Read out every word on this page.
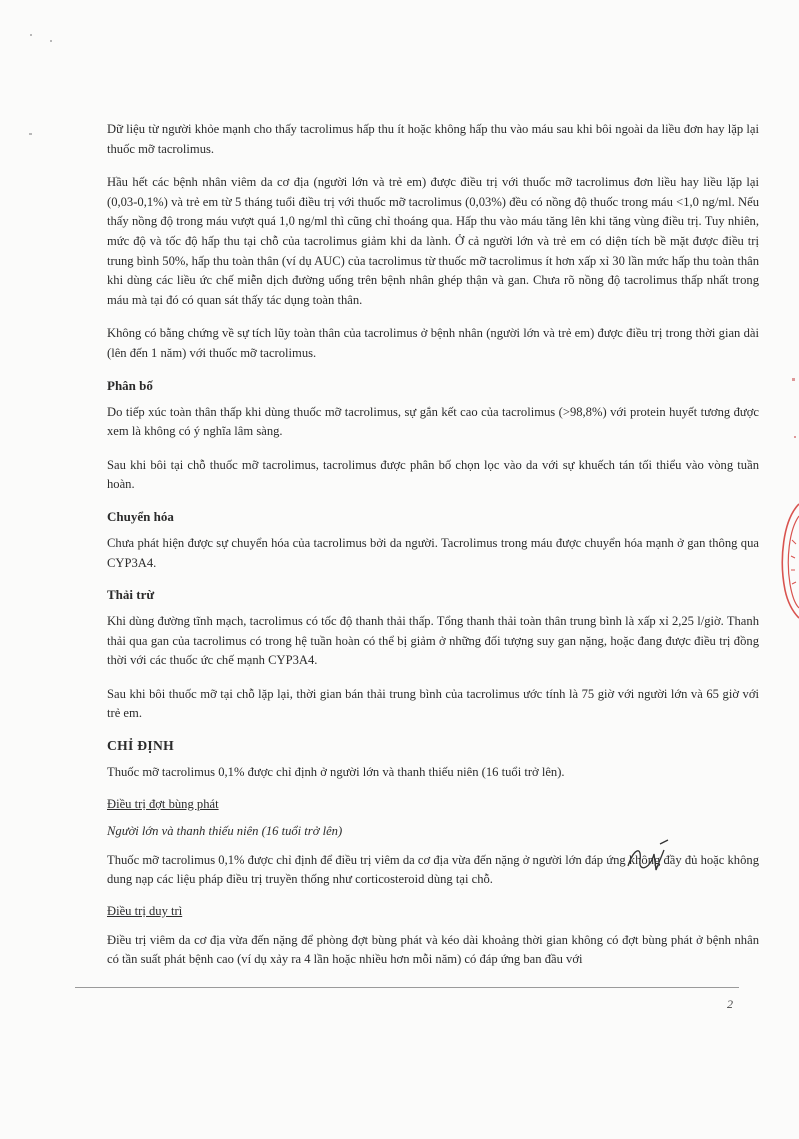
Dữ liệu từ người khỏe mạnh cho thấy tacrolimus hấp thu ít hoặc không hấp thu vào máu sau khi bôi ngoài da liều đơn hay lặp lại thuốc mỡ tacrolimus.

Hầu hết các bệnh nhân viêm da cơ địa (người lớn và trẻ em) được điều trị với thuốc mỡ tacrolimus đơn liều hay liều lặp lại (0,03-0,1%) và trẻ em từ 5 tháng tuổi điều trị với thuốc mỡ tacrolimus (0,03%) đều có nồng độ thuốc trong máu <1,0 ng/ml. Nếu thấy nồng độ trong máu vượt quá 1,0 ng/ml thì cũng chỉ thoáng qua. Hấp thu vào máu tăng lên khi tăng vùng điều trị. Tuy nhiên, mức độ và tốc độ hấp thu tại chỗ của tacrolimus giảm khi da lành. Ở cả người lớn và trẻ em có diện tích bề mặt được điều trị trung bình 50%, hấp thu toàn thân (ví dụ AUC) của tacrolimus từ thuốc mỡ tacrolimus ít hơn xấp xỉ 30 lần mức hấp thu toàn thân khi dùng các liều ức chế miễn dịch đường uống trên bệnh nhân ghép thận và gan. Chưa rõ nồng độ tacrolimus thấp nhất trong máu mà tại đó có quan sát thấy tác dụng toàn thân.

Không có bằng chứng về sự tích lũy toàn thân của tacrolimus ở bệnh nhân (người lớn và trẻ em) được điều trị trong thời gian dài (lên đến 1 năm) với thuốc mỡ tacrolimus.

Phân bố

Do tiếp xúc toàn thân thấp khi dùng thuốc mỡ tacrolimus, sự gắn kết cao của tacrolimus (>98,8%) với protein huyết tương được xem là không có ý nghĩa lâm sàng.

Sau khi bôi tại chỗ thuốc mỡ tacrolimus, tacrolimus được phân bố chọn lọc vào da với sự khuếch tán tối thiểu vào vòng tuần hoàn.

Chuyển hóa

Chưa phát hiện được sự chuyển hóa của tacrolimus bởi da người. Tacrolimus trong máu được chuyển hóa mạnh ở gan thông qua CYP3A4.

Thải trừ

Khi dùng đường tĩnh mạch, tacrolimus có tốc độ thanh thải thấp. Tổng thanh thải toàn thân trung bình là xấp xỉ 2,25 l/giờ. Thanh thải qua gan của tacrolimus có trong hệ tuần hoàn có thể bị giảm ở những đối tượng suy gan nặng, hoặc đang được điều trị đồng thời với các thuốc ức chế mạnh CYP3A4.

Sau khi bôi thuốc mỡ tại chỗ lặp lại, thời gian bán thải trung bình của tacrolimus ước tính là 75 giờ với người lớn và 65 giờ với trẻ em.

CHỈ ĐỊNH

Thuốc mỡ tacrolimus 0,1% được chỉ định ở người lớn và thanh thiếu niên (16 tuổi trở lên).

Điều trị đợt bùng phát
Người lớn và thanh thiếu niên (16 tuổi trở lên)

Thuốc mỡ tacrolimus 0,1% được chỉ định để điều trị viêm da cơ địa vừa đến nặng ở người lớn đáp ứng không đầy đủ hoặc không dung nạp các liệu pháp điều trị truyền thống như corticosteroid dùng tại chỗ.

Điều trị duy trì

Điều trị viêm da cơ địa vừa đến nặng để phòng đợt bùng phát và kéo dài khoảng thời gian không có đợt bùng phát ở bệnh nhân có tần suất phát bệnh cao (ví dụ xảy ra 4 lần hoặc nhiều hơn mỗi năm) có đáp ứng ban đầu với

2
